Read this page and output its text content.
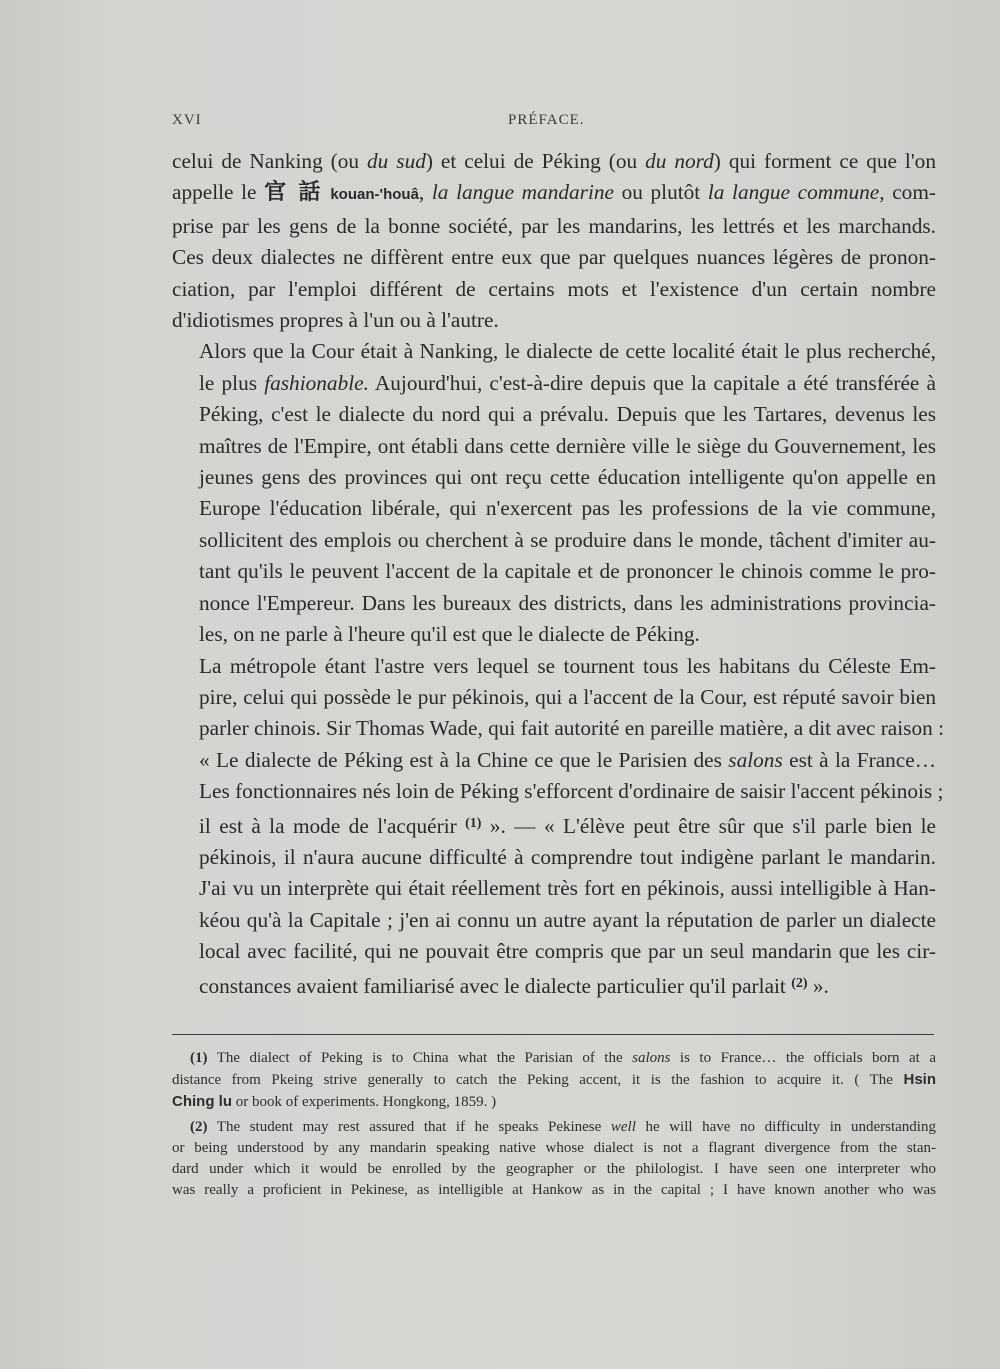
XVI	PRÉFACE.

celui de Nanking (ou du sud) et celui de Péking (ou du nord) qui forment ce que l'on
appelle le 官 話 kouan-'houâ, la langue mandarine ou plutôt la langue commune, com-
prise par les gens de la bonne société, par les mandarins, les lettrés et les marchands.
Ces deux dialectes ne diffèrent entre eux que par quelques nuances légères de pronon-
ciation, par l'emploi différent de certains mots et l'existence d'un certain nombre
d'idiotismes propres à l'un ou à l'autre.

Alors que la Cour était à Nanking, le dialecte de cette localité était le plus recherché,
le plus fashionable. Aujourd'hui, c'est-à-dire depuis que la capitale a été transférée à
Péking, c'est le dialecte du nord qui a prévalu. Depuis que les Tartares, devenus les
maîtres de l'Empire, ont établi dans cette dernière ville le siège du Gouvernement, les
jeunes gens des provinces qui ont reçu cette éducation intelligente qu'on appelle en
Europe l'éducation libérale, qui n'exercent pas les professions de la vie commune,
sollicitent des emplois ou cherchent à se produire dans le monde, tâchent d'imiter au-
tant qu'ils le peuvent l'accent de la capitale et de prononcer le chinois comme le pro-
nonce l'Empereur. Dans les bureaux des districts, dans les administrations provincia-
les, on ne parle à l'heure qu'il est que le dialecte de Péking.

La métropole étant l'astre vers lequel se tournent tous les habitans du Céleste Em-
pire, celui qui possède le pur pékinois, qui a l'accent de la Cour, est réputé savoir bien
parler chinois. Sir Thomas Wade, qui fait autorité en pareille matière, a dit avec raison :
« Le dialecte de Péking est à la Chine ce que le Parisien des salons est à la France…
Les fonctionnaires nés loin de Péking s'efforcent d'ordinaire de saisir l'accent pékinois ;
il est à la mode de l'acquérir $^{(1)}$ ». — « L'élève peut être sûr que s'il parle bien le
pékinois, il n'aura aucune difficulté à comprendre tout indigène parlant le mandarin.
J'ai vu un interprète qui était réellement très fort en pékinois, aussi intelligible à Han-
kéou qu'à la Capitale ; j'en ai connu un autre ayant la réputation de parler un dialecte
local avec facilité, qui ne pouvait être compris que par un seul mandarin que les cir-
constances avaient familiarisé avec le dialecte particulier qu'il parlait $^{(2)}$ ».

(1) The dialect of Peking is to China what the Parisian of the salons is to France… the officials born at a
distance from Pkeing strive generally to catch the Peking accent, it is the fashion to acquire it. ( The Hsin
Ching lu or book of experiments. Hongkong, 1859. )

(2) The student may rest assured that if he speaks Pekinese well he will have no difficulty in understanding
or being understood by any mandarin speaking native whose dialect is not a flagrant divergence from the stan-
dard under which it would be enrolled by the geographer or the philologist. I have seen one interpreter who
was really a proficient in Pekinese, as intelligible at Hankow as in the capital ; I have known another who was
